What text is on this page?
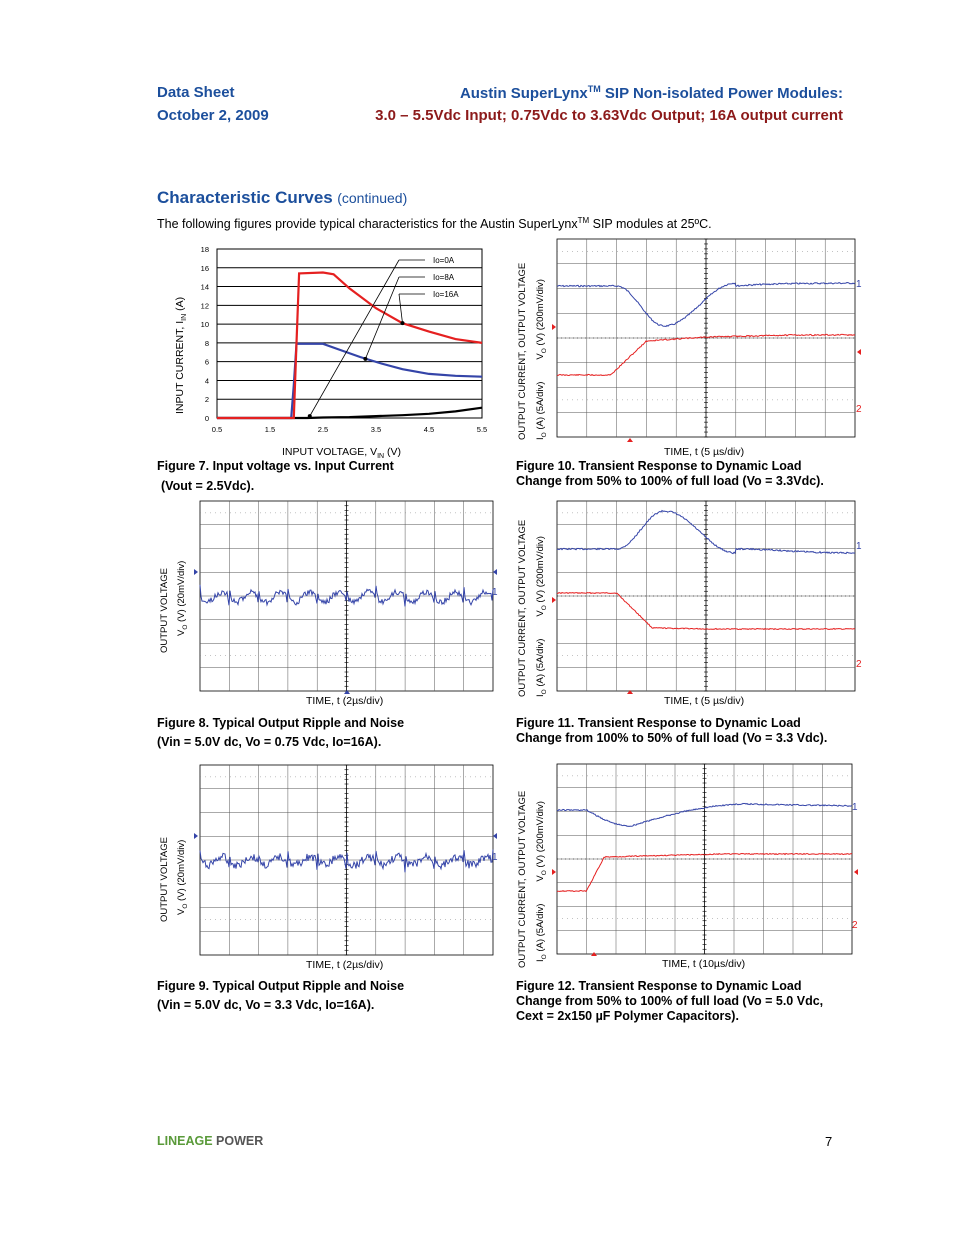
Data Sheet
October 2, 2009
Austin SuperLynx™ SIP Non-isolated Power Modules:
3.0 – 5.5Vdc Input; 0.75Vdc to 3.63Vdc Output; 16A output current
Characteristic Curves (continued)
The following figures provide typical characteristics for the Austin SuperLynx™ SIP modules at 25ºC.
INPUT CURRENT, $I_{IN}$ (A)
0
2
4
6
8
10
12
14
16
18
0.5	1.5	2.5	3.5	4.5	5.5
Io=0A
Io=8A
Io=16A
INPUT VOLTAGE, $V_{IN}$ (V)
Figure 7. Input voltage vs. Input Current
(Vout = 2.5Vdc).
OUTPUT CURRENT, OUTPUT VOLTAGE $I_O$ (A) $(5A/div)V_O$ (V) (200mV/div)	1
2
TIME, t (5 µs/div)
Figure 10. Transient Response to Dynamic Load
Change from 50% to 100% of full load (Vo = 3.3Vdc).
OUTPUT VOLTAGE $V_O$ (V) (20mV/div)	1
TIME, t (2µs/div)
Figure 8. Typical Output Ripple and Noise
(Vin = 5.0V dc, Vo = 0.75 Vdc, Io=16A).
OUTPUT CURRENT, OUTPUT VOLTAGE $I_O$ (A) $(5A/div)V_O$ (V) (200mV/div)	1
2
TIME, t (5 µs/div)
Figure 11. Transient Response to Dynamic Load
Change from 100% to 50% of full load (Vo = 3.3 Vdc).
OUTPUT VOLTAGE $V_O$ (V) (20mV/div)	1
TIME, t (2µs/div)
Figure 9. Typical Output Ripple and Noise
(Vin = 5.0V dc, Vo = 3.3 Vdc, Io=16A).
OUTPUT CURRENT, OUTPUT VOLTAGE $I_O$ (A) $(5A/div)V_O$ (V) (200mV/div)	1
2
TIME, t (10µs/div)
Figure 12. Transient Response to Dynamic Load
Change from 50% to 100% of full load (Vo = 5.0 Vdc,
Cext = 2x150 µF Polymer Capacitors).
LINEAGE POWER	7
